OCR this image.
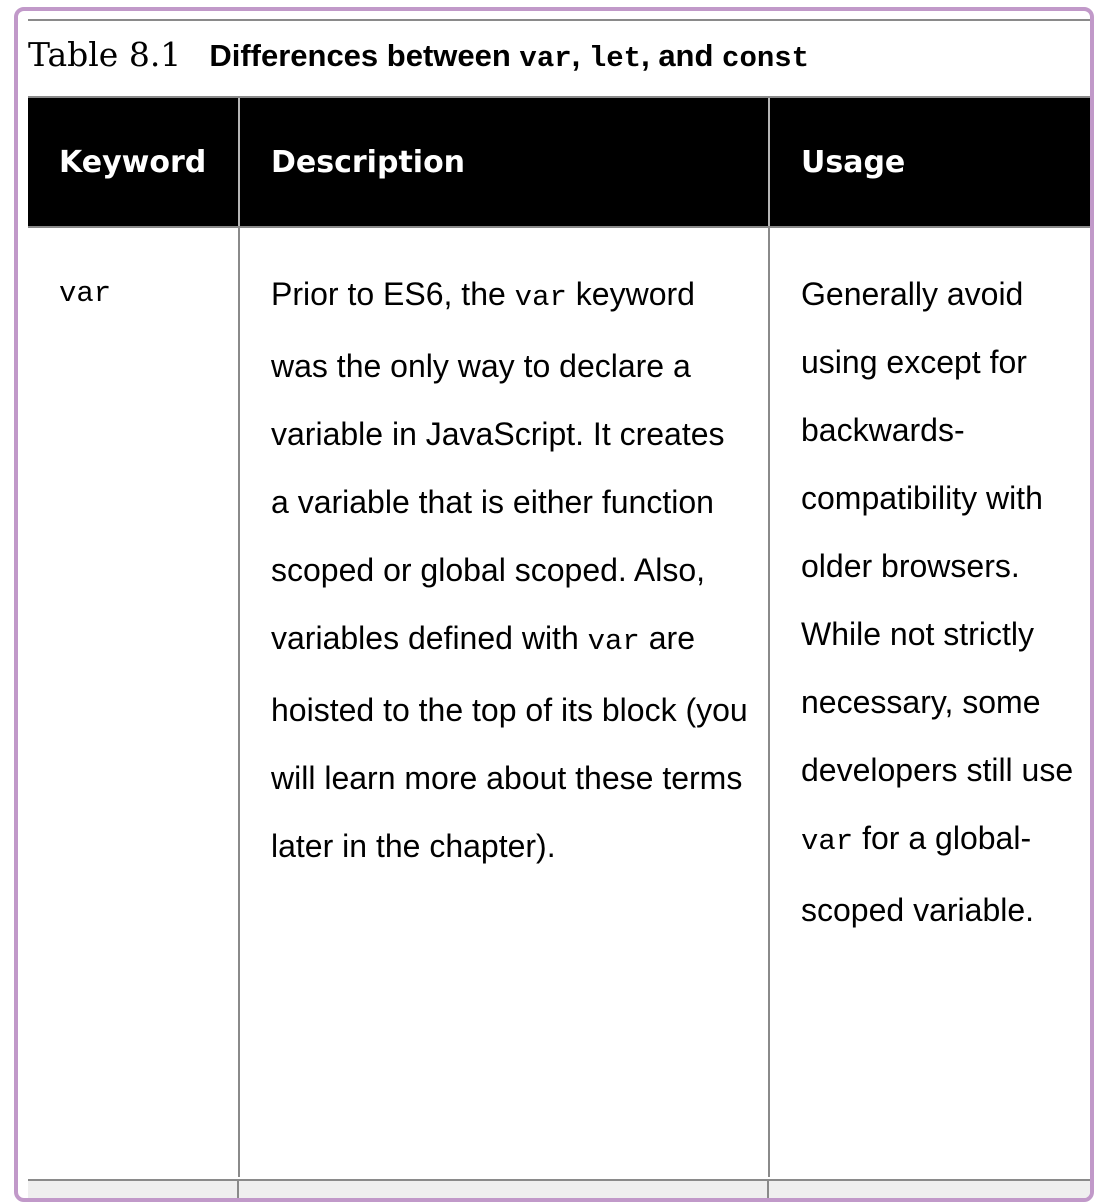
Table 8.1 Differences between var, let, and const
Keyword	Description	Usage
var	Prior to ES6, the var keyword was the only way to declare a variable in JavaScript. It creates a variable that is either function scoped or global scoped. Also, variables defined with var are hoisted to the top of its block (you will learn more about these terms later in the chapter).	Generally avoid using except for backwards-compatibility with older browsers. While not strictly necessary, some developers still use var for a global-scoped variable.
